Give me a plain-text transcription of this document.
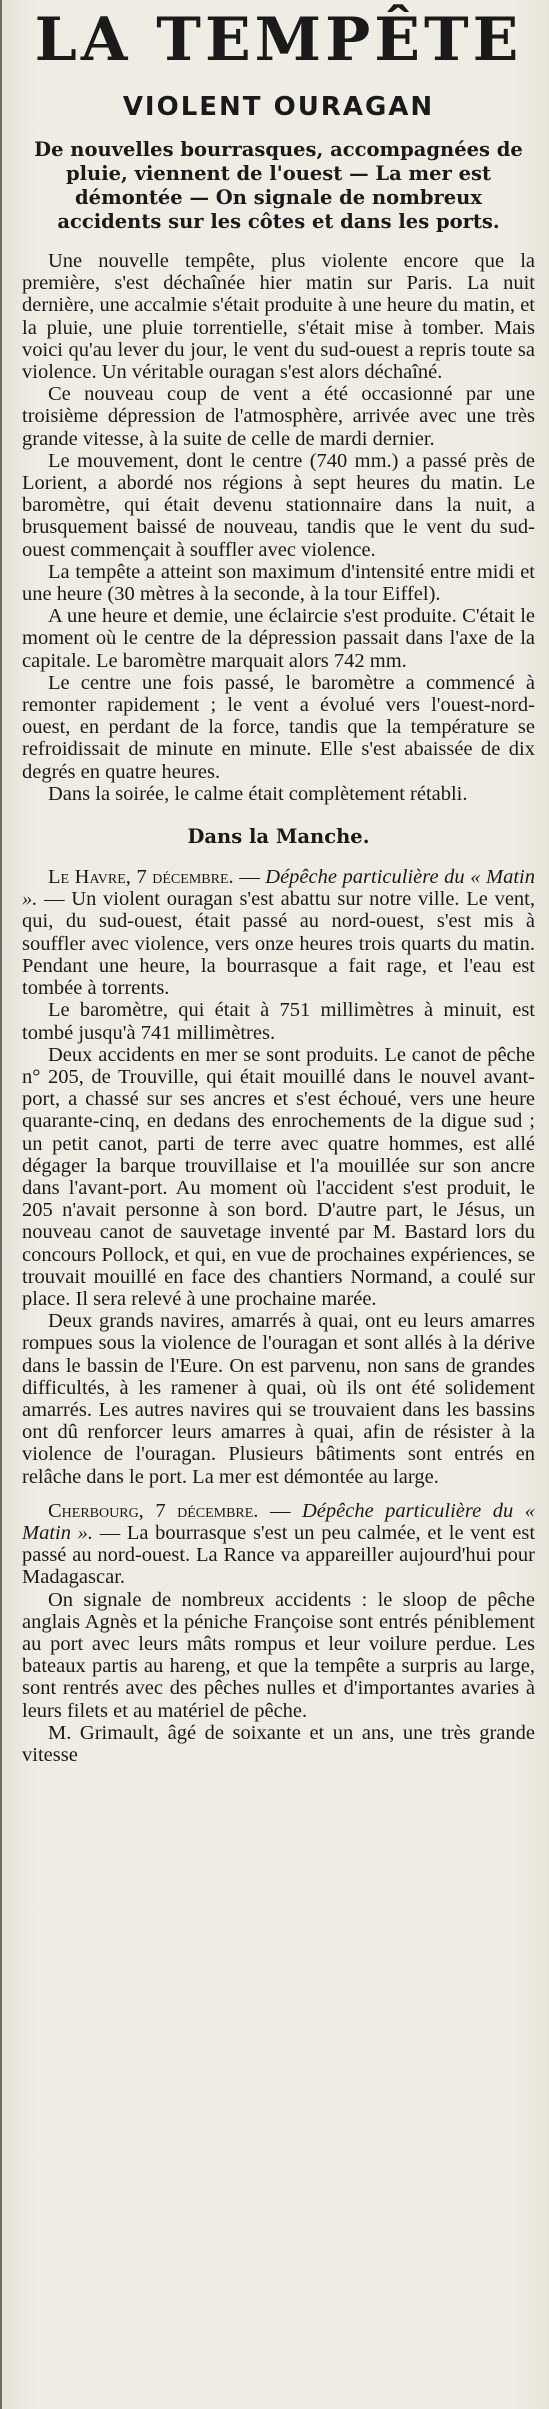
LA TEMPÊTE
VIOLENT OURAGAN
De nouvelles bourrasques, accompagnées de pluie, viennent de l'ouest — La mer est démontée — On signale de nombreux accidents sur les côtes et dans les ports.

Une nouvelle tempête, plus violente encore que la première, s'est déchaînée hier matin sur Paris. La nuit dernière, une accalmie s'était produite à une heure du matin, et la pluie, une pluie torrentielle, s'était mise à tomber. Mais voici qu'au lever du jour, le vent du sud-ouest a repris toute sa violence. Un véritable ouragan s'est alors déchaîné.

Ce nouveau coup de vent a été occasionné par une troisième dépression de l'atmosphère, arrivée avec une très grande vitesse, à la suite de celle de mardi dernier.

Le mouvement, dont le centre (740 mm.) a passé près de Lorient, a abordé nos régions à sept heures du matin. Le baromètre, qui était devenu stationnaire dans la nuit, a brusquement baissé de nouveau, tandis que le vent du sud-ouest commençait à souffler avec violence.

La tempête a atteint son maximum d'intensité entre midi et une heure (30 mètres à la seconde, à la tour Eiffel).

A une heure et demie, une éclaircie s'est produite. C'était le moment où le centre de la dépression passait dans l'axe de la capitale. Le baromètre marquait alors 742 mm.

Le centre une fois passé, le baromètre a commencé à remonter rapidement ; le vent a évolué vers l'ouest-nord-ouest, en perdant de la force, tandis que la température se refroidissait de minute en minute. Elle s'est abaissée de dix degrés en quatre heures.

Dans la soirée, le calme était complètement rétabli.

Dans la Manche.

Le Havre, 7 décembre. — Dépêche particulière du « Matin ». — Un violent ouragan s'est abattu sur notre ville. Le vent, qui, du sud-ouest, était passé au nord-ouest, s'est mis à souffler avec violence, vers onze heures trois quarts du matin. Pendant une heure, la bourrasque a fait rage, et l'eau est tombée à torrents.

Le baromètre, qui était à 751 millimètres à minuit, est tombé jusqu'à 741 millimètres.

Deux accidents en mer se sont produits. Le canot de pêche n° 205, de Trouville, qui était mouillé dans le nouvel avant-port, a chassé sur ses ancres et s'est échoué, vers une heure quarante-cinq, en dedans des enrochements de la digue sud ; un petit canot, parti de terre avec quatre hommes, est allé dégager la barque trouvillaise et l'a mouillée sur son ancre dans l'avant-port. Au moment où l'accident s'est produit, le 205 n'avait personne à son bord. D'autre part, le Jésus, un nouveau canot de sauvetage inventé par M. Bastard lors du concours Pollock, et qui, en vue de prochaines expériences, se trouvait mouillé en face des chantiers Normand, a coulé sur place. Il sera relevé à une prochaine marée.

Deux grands navires, amarrés à quai, ont eu leurs amarres rompues sous la violence de l'ouragan et sont allés à la dérive dans le bassin de l'Eure. On est parvenu, non sans de grandes difficultés, à les ramener à quai, où ils ont été solidement amarrés. Les autres navires qui se trouvaient dans les bassins ont dû renforcer leurs amarres à quai, afin de résister à la violence de l'ouragan. Plusieurs bâtiments sont entrés en relâche dans le port. La mer est démontée au large.

Cherbourg, 7 décembre. — Dépêche particulière du « Matin ». — La bourrasque s'est un peu calmée, et le vent est passé au nord-ouest. La Rance va appareiller aujourd'hui pour Madagascar.

On signale de nombreux accidents : le sloop de pêche anglais Agnès et la péniche Françoise sont entrés péniblement au port avec leurs mâts rompus et leur voilure perdue. Les bateaux partis au hareng, et que la tempête a surpris au large, sont rentrés avec des pêches nulles et d'importantes avaries à leurs filets et au matériel de pêche.

M. Grimault, âgé de soixante et un ans, une très grande vitesse
